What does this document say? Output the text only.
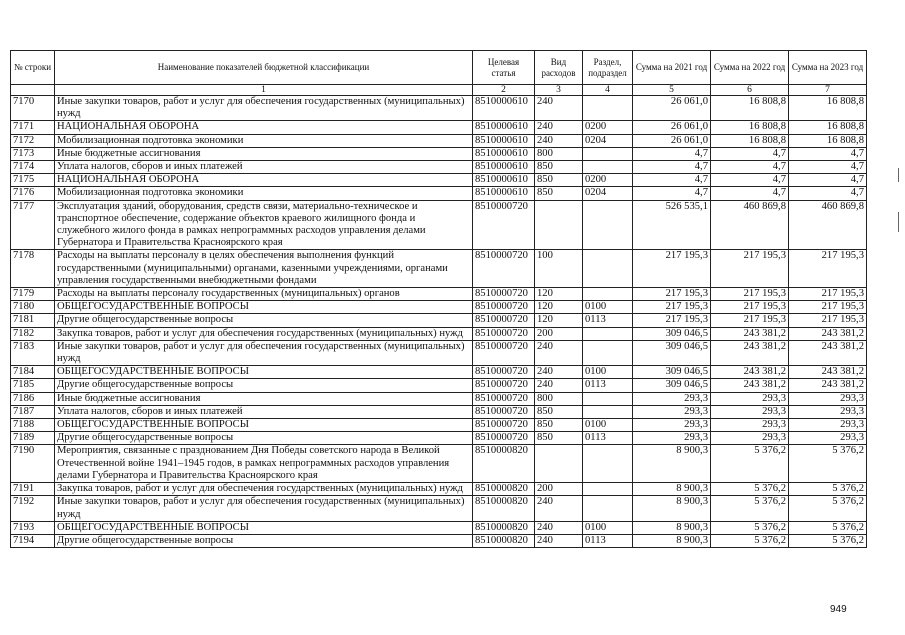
№ строки	Наименование показателей бюджетной классификации	Целевая статья	Вид расходов	Раздел, подраздел	Сумма на 2021 год	Сумма на 2022 год	Сумма на 2023 год
	1	2	3	4	5	6	7
7170	Иные закупки товаров, работ и услуг для обеспечения государственных (муниципальных) нужд	8510000610	240		26 061,0	16 808,8	16 808,8
7171	НАЦИОНАЛЬНАЯ ОБОРОНА	8510000610	240	0200	26 061,0	16 808,8	16 808,8
7172	Мобилизационная подготовка экономики	8510000610	240	0204	26 061,0	16 808,8	16 808,8
7173	Иные бюджетные ассигнования	8510000610	800		4,7	4,7	4,7
7174	Уплата налогов, сборов и иных платежей	8510000610	850		4,7	4,7	4,7
7175	НАЦИОНАЛЬНАЯ ОБОРОНА	8510000610	850	0200	4,7	4,7	4,7
7176	Мобилизационная подготовка экономики	8510000610	850	0204	4,7	4,7	4,7
7177	Эксплуатация зданий, оборудования, средств связи, материально-техническое и транспортное обеспечение, содержание объектов краевого жилищного фонда и служебного жилого фонда в рамках непрограммных расходов управления делами Губернатора и Правительства Красноярского края	8510000720			526 535,1	460 869,8	460 869,8
7178	Расходы на выплаты персоналу в целях обеспечения выполнения функций государственными (муниципальными) органами, казенными учреждениями, органами управления государственными внебюджетными фондами	8510000720	100		217 195,3	217 195,3	217 195,3
7179	Расходы на выплаты персоналу государственных (муниципальных) органов	8510000720	120		217 195,3	217 195,3	217 195,3
7180	ОБЩЕГОСУДАРСТВЕННЫЕ ВОПРОСЫ	8510000720	120	0100	217 195,3	217 195,3	217 195,3
7181	Другие общегосударственные вопросы	8510000720	120	0113	217 195,3	217 195,3	217 195,3
7182	Закупка товаров, работ и услуг для обеспечения государственных (муниципальных) нужд	8510000720	200		309 046,5	243 381,2	243 381,2
7183	Иные закупки товаров, работ и услуг для обеспечения государственных (муниципальных) нужд	8510000720	240		309 046,5	243 381,2	243 381,2
7184	ОБЩЕГОСУДАРСТВЕННЫЕ ВОПРОСЫ	8510000720	240	0100	309 046,5	243 381,2	243 381,2
7185	Другие общегосударственные вопросы	8510000720	240	0113	309 046,5	243 381,2	243 381,2
7186	Иные бюджетные ассигнования	8510000720	800		293,3	293,3	293,3
7187	Уплата налогов, сборов и иных платежей	8510000720	850		293,3	293,3	293,3
7188	ОБЩЕГОСУДАРСТВЕННЫЕ ВОПРОСЫ	8510000720	850	0100	293,3	293,3	293,3
7189	Другие общегосударственные вопросы	8510000720	850	0113	293,3	293,3	293,3
7190	Мероприятия, связанные с празднованием Дня Победы советского народа в Великой Отечественной войне 1941–1945 годов, в рамках непрограммных расходов управления делами Губернатора и Правительства Красноярского края	8510000820			8 900,3	5 376,2	5 376,2
7191	Закупка товаров, работ и услуг для обеспечения государственных (муниципальных) нужд	8510000820	200		8 900,3	5 376,2	5 376,2
7192	Иные закупки товаров, работ и услуг для обеспечения государственных (муниципальных) нужд	8510000820	240		8 900,3	5 376,2	5 376,2
7193	ОБЩЕГОСУДАРСТВЕННЫЕ ВОПРОСЫ	8510000820	240	0100	8 900,3	5 376,2	5 376,2
7194	Другие общегосударственные вопросы	8510000820	240	0113	8 900,3	5 376,2	5 376,2
949
